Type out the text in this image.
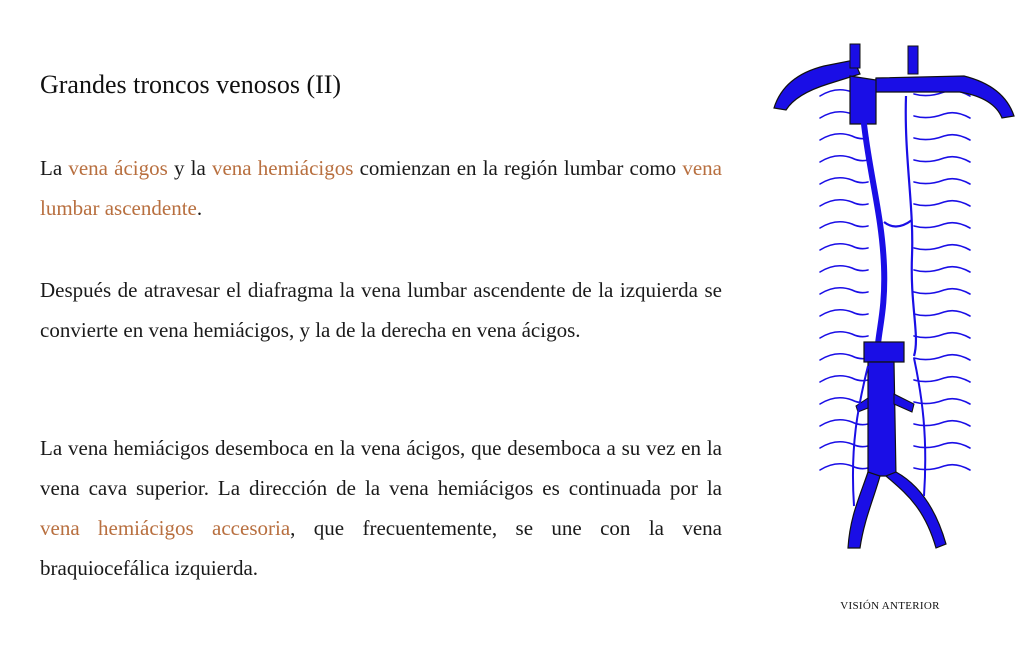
Grandes troncos venosos (II)

La vena ácigos y la vena hemiácigos comienzan en la región lumbar como vena lumbar ascendente.

Después de atravesar el diafragma la vena lumbar ascendente de la izquierda se convierte en vena hemiácigos, y la de la derecha en vena ácigos.

La vena hemiácigos desemboca en la vena ácigos, que desemboca a su vez en la vena cava superior. La dirección de la vena hemiácigos es continuada por la vena hemiácigos accesoria, que frecuentemente, se une con la vena braquiocefálica izquierda.

VISIÓN ANTERIOR
